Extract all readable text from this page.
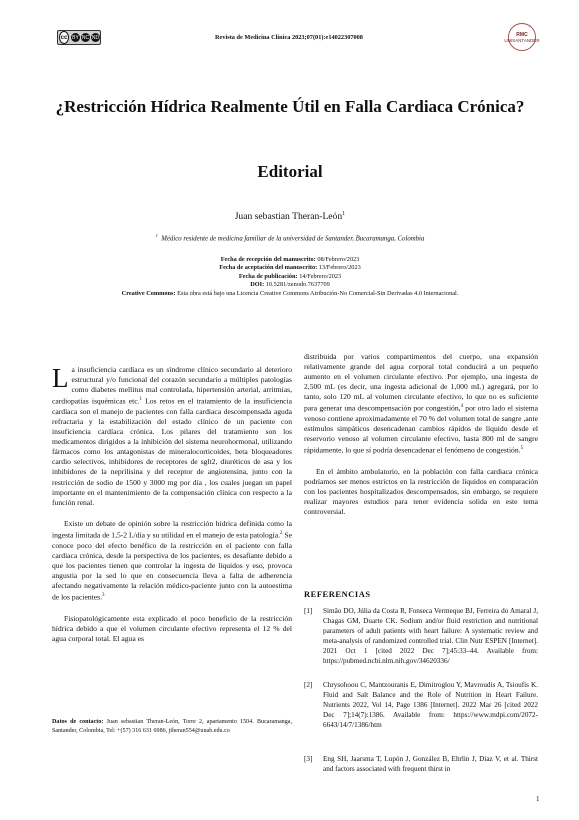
cc BY NC ND	Revista de Medicina Clínica 2023;07(01):e14022307008	RMC
UNISANTANDER
¿Restricción Hídrica Realmente Útil en Falla Cardiaca Crónica?
Editorial
Juan sebastian Theran-León$^1$
$^1$ Médico residente de medicina familiar de la universidad de Santander, Bucaramanga, Colombia
Fecha de recepción del manuscrito: 08/Febrero/2023
Fecha de aceptación del manuscrito: 13/Febrero/2023
Fecha de publicación: 14/Febrero/2023
DOI: 10.5281/zenodo.7637709
Creative Commons: Esta obra está bajo una Licencia Creative Commons Atribución-No Comercial-Sin Derivadas 4.0 Internacional.

La insuficiencia cardíaca es un síndrome clínico secundario al deterioro estructural y/o funcional del corazón secundario a múltiples patologías como diabetes mellitus mal controlada, hipertensión arterial, arritmias, cardiopatías isquémicas etc.$^1$ Los retos en el tratamiento de la insuficiencia cardíaca son el manejo de pacientes con falla cardiaca descompensada aguda refractaria y la estabilización del estado clínico de un paciente con insuficiencia cardíaca crónica. Los pilares del tratamiento son los medicamentos dirigidos a la inhibición del sistema neurohormonal, utilizando fármacos como los antagonistas de mineralocorticoides, beta bloqueadores cardio selectivos, inhibidores de receptores de sglt2, diuréticos de asa y los inhibidores de la neprilisina y del receptor de angiotensina, junto con la restricción de sodio de 1500 y 3000 mg por día , los cuales juegan un papel importante en el mantenimiento de la compensación clínica con respecto a la función renal.

Existe un debate de opinión sobre la restricción hídrica definida como la ingesta limitada de 1,5-2 L/día y su utilidad en el manejo de esta patología.$^2$ Se conoce poco del efecto benéfico de la restricción en el paciente con falla cardiaca crónica, desde la perspectiva de los pacientes, es desafiante debido a que los pacientes tienen que controlar la ingesta de líquidos y eso, provoca angustia por la sed lo que en consecuencia lleva a falta de adherencia afectando negativamente la relación médico-paciente junto con la autoestima de los pacientes.$^3$

Fisiopatológicamente esta explicado el poco beneficio de la restricción hídrica debido a que el volumen circulante efectivo representa el 12 % del agua corporal total. El agua es

Datos de contacto: Juan sebastian Theran-León, Torre 2, apartamento 1504. Bucaramanga, Santander, Colombia, Tel: +(57) 316 631 6986, jtheran554@unab.edu.co

distribuida por varios compartimentos del cuerpo, una expansión relativamente grande del agua corporal total conducirá a un pequeño aumento en el volumen circulante efectivo. Por ejemplo, una ingesta de 2,500 mL (es decir, una ingesta adicional de 1,000 mL) agregará, por lo tanto, solo 120 mL al volumen circulante efectivo, lo que no es suficiente para generar una descompensación por congestión,$^4$ por otro lado el sistema venoso contiene aproximadamente el 70 % del volumen total de sangre ,ante estímulos simpáticos desencadenan cambios rápidos de líquido desde el reservorio venoso al volumen circulante efectivo, hasta 800 ml de sangre rápidamente, lo que sí podría desencadenar el fenómeno de congestión.$^5$

En el ámbito ambulatorio, en la población con falla cardiaca crónica podríamos ser menos estrictos en la restricción de líquidos en comparación con los pacientes hospitalizados descompensados, sin embargo, se requiere realizar mayores estudios para tener evidencia solida en este tema controversial.

REFERENCIAS
[1]	Simão DO, Júlia da Costa R, Fonseca Vermeque BJ, Ferreira do Amaral J, Chagas GM, Duarte CK. Sodium and/or fluid restriction and nutritional parameters of adult patients with heart failure: A systematic review and meta-analysis of randomized controlled trial. Clin Nutr ESPEN [Internet]. 2021 Oct 1 [cited 2022 Dec 7];45:33–44. Available from: https://pubmed.ncbi.nlm.nih.gov/34620336/
[2]	Chrysohoou C, Mantzouranis E, Dimitroglou Y, Mavroudis A, Tsioufis K. Fluid and Salt Balance and the Role of Nutrition in Heart Failure. Nutrients 2022, Vol 14, Page 1386 [Internet]. 2022 Mar 26 [cited 2022 Dec 7];14(7):1386. Available from: https://www.mdpi.com/2072-6643/14/7/1386/htm
[3]	Eng SH, Jaarsma T, Lupón J, González B, Ehrlin J, Díaz V, et al. Thirst and factors associated with frequent thirst in
1
